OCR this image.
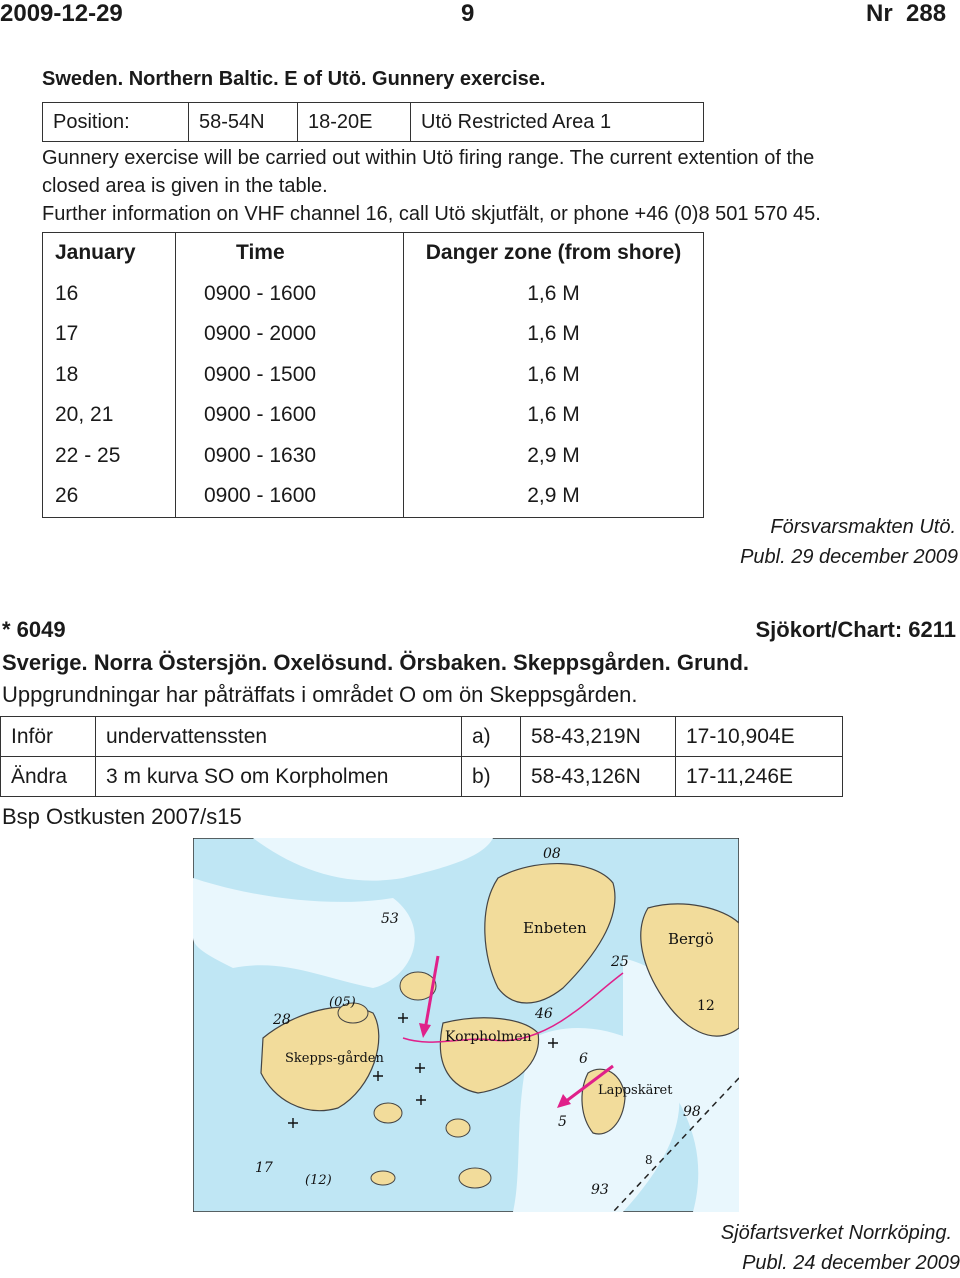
2009-12-29	9	Nr  288
Sweden. Northern Baltic. E of Utö. Gunnery exercise.
Position:	58-54N	18-20E	Utö Restricted Area 1
Gunnery exercise will be carried out within Utö firing range. The current extention of the
closed area is given in the table.
Further information on VHF channel 16, call Utö skjutfält, or phone +46 (0)8 501 570 45.
January	Time	Danger zone (from shore)
16	0900 - 1600	1,6 M
17	0900 - 2000	1,6 M
18	0900 - 1500	1,6 M
20, 21	0900 - 1600	1,6 M
22 - 25	0900 - 1630	2,9 M
26	0900 - 1600	2,9 M
Försvarsmakten Utö.
Publ. 29 december 2009
* 6049	Sjökort/Chart: 6211
Sverige. Norra Östersjön. Oxelösund. Örsbaken. Skeppsgården. Grund.
Uppgrundningar har påträffats i området O om ön Skeppsgården.
Inför	undervattenssten	a)	58-43,219N	17-10,904E
Ändra	3 m kurva SO om Korpholmen	b)	58-43,126N	17-11,246E
Bsp Ostkusten 2007/s15
Enbeten
Bergö
Korpholmen
Skepps-gården
Lappskäret
08
53
25
28
(05)
46	12
6
98
5
17
(12)
93
8
Sjöfartsverket Norrköping.
Publ. 24 december 2009
